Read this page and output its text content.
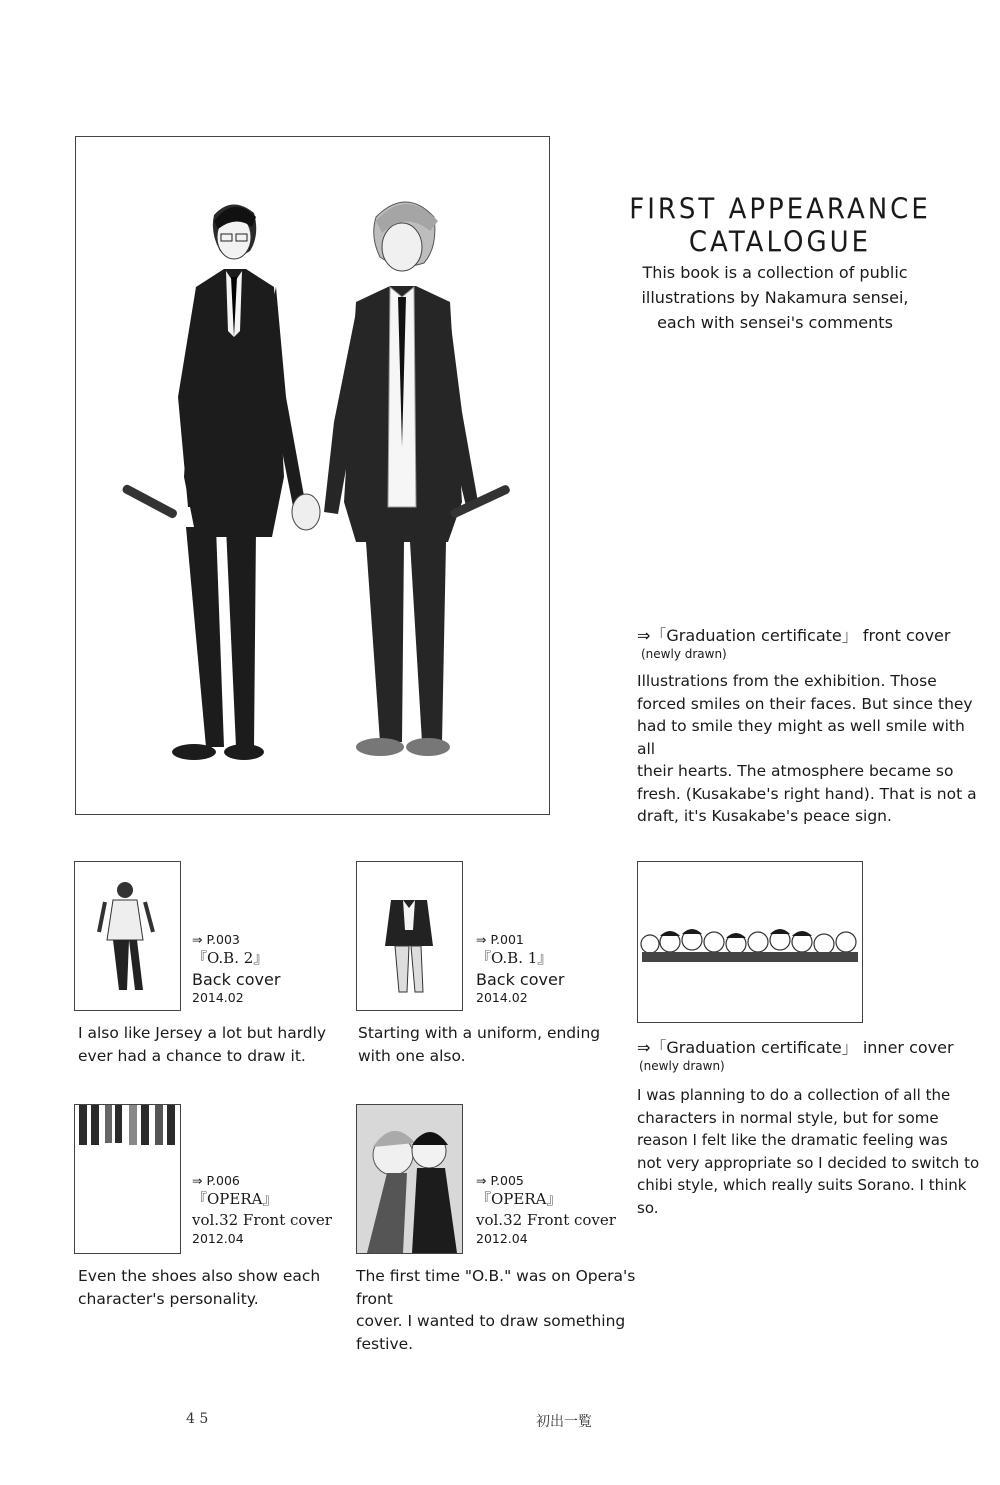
FIRST APPEARANCE CATALOGUE
This book is a collection of public
illustrations by Nakamura sensei,
each with sensei's comments
⇒「Graduation certificate」 front cover
(newly drawn)
Illustrations from the exhibition. Those
forced smiles on their faces. But since they
had to smile they might as well smile with all
their hearts. The atmosphere became so
fresh. (Kusakabe's right hand). That is not a
draft, it's Kusakabe's peace sign.
⇒ P.003
『O.B. 2』
Back cover
2014.02
I also like Jersey a lot but hardly
ever had a chance to draw it.
⇒ P.001
『O.B. 1』
Back cover
2014.02
Starting with a uniform, ending
with one also.	⇒「Graduation certificate」 inner cover
(newly drawn)
I was planning to do a collection of all the
characters in normal style, but for some
reason I felt like the dramatic feeling was
not very appropriate so I decided to switch to
chibi style, which really suits Sorano. I think so.
⇒ P.006
『OPERA』
vol.32 Front cover
2012.04
Even the shoes also show each
character's personality.
⇒ P.005
『OPERA』
vol.32 Front cover
2012.04
The first time "O.B." was on Opera's front
cover. I wanted to draw something festive.
4 5	初出一覧
